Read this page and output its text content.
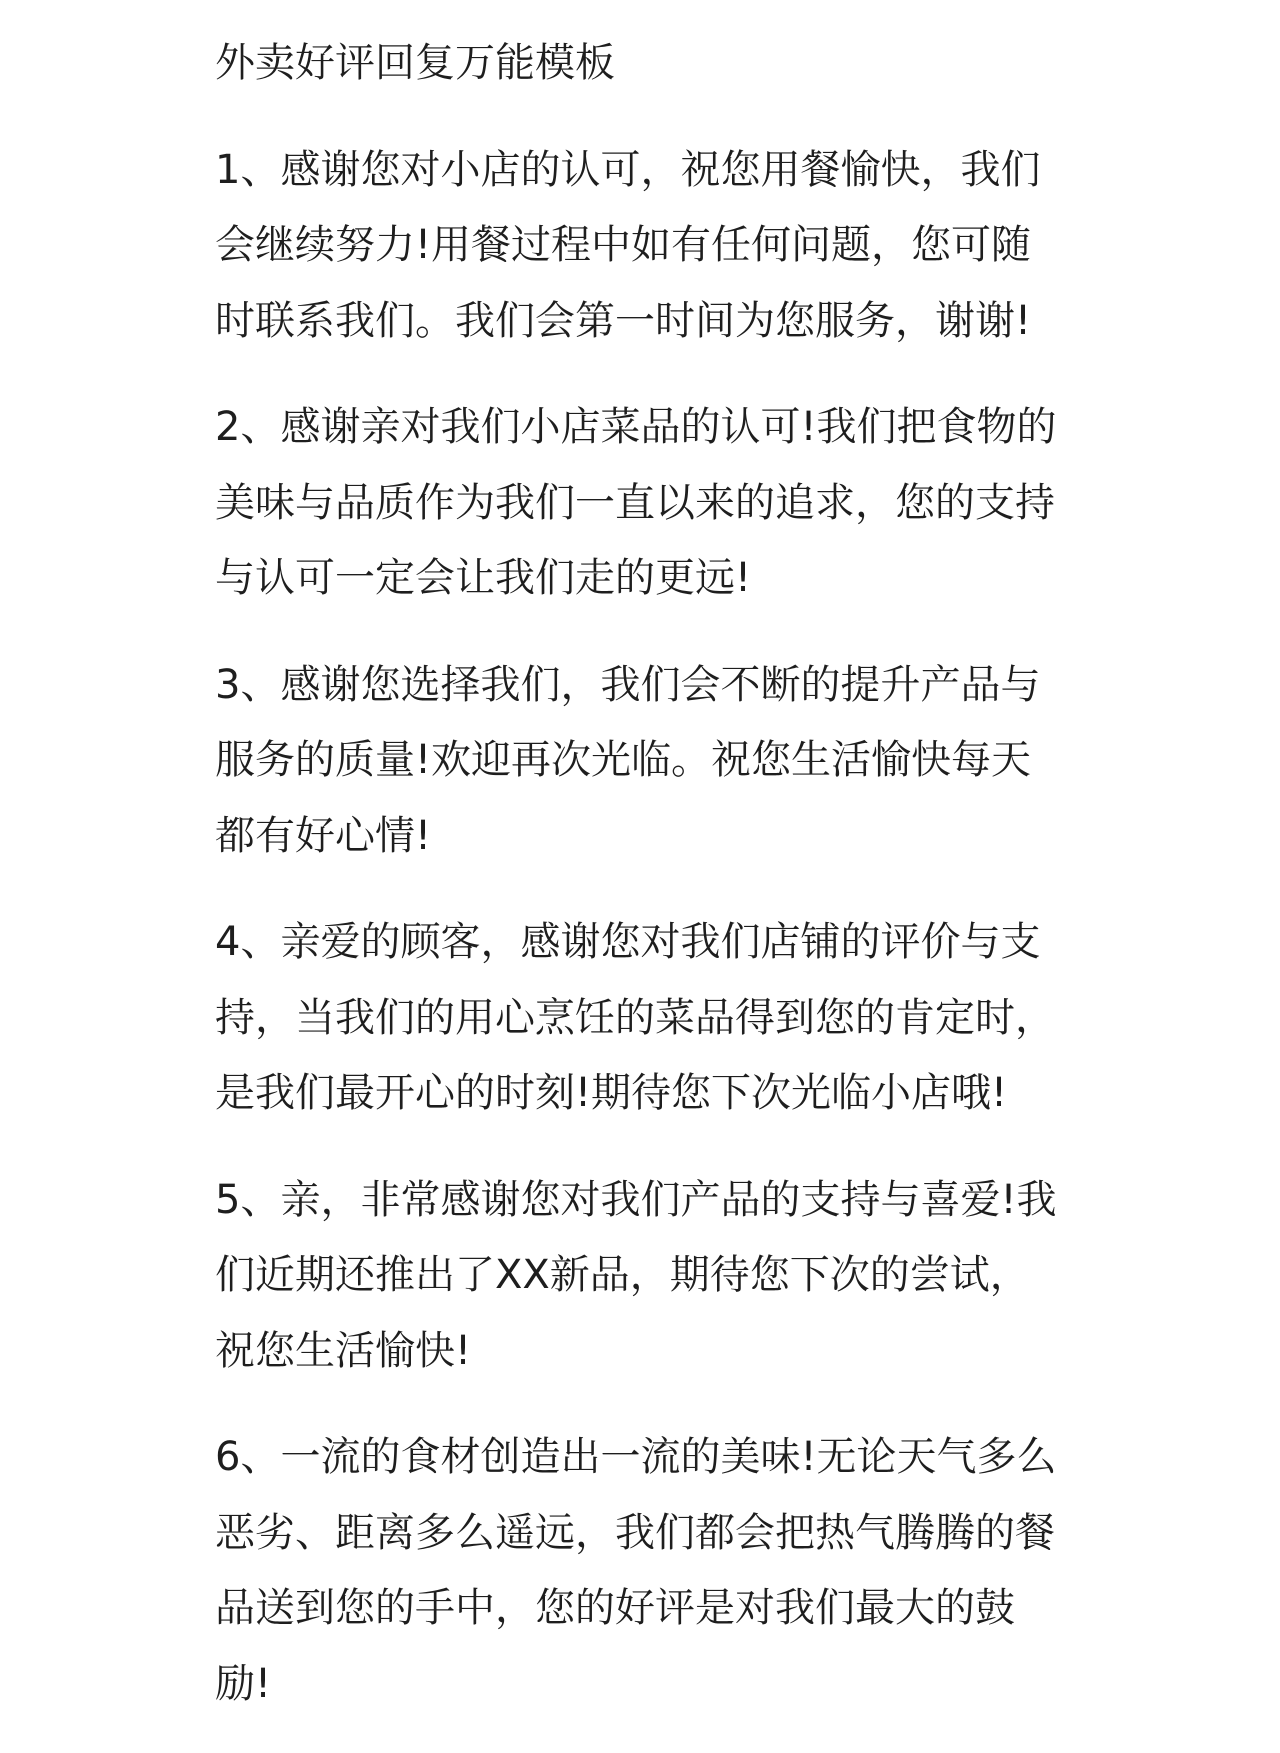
外卖好评回复万能模板
1、感谢您对小店的认可，祝您用餐愉快，我们
会继续努力!用餐过程中如有任何问题，您可随
时联系我们。我们会第一时间为您服务，谢谢!
2、感谢亲对我们小店菜品的认可!我们把食物的
美味与品质作为我们一直以来的追求，您的支持
与认可一定会让我们走的更远!
3、感谢您选择我们，我们会不断的提升产品与
服务的质量!欢迎再次光临。祝您生活愉快每天
都有好心情!
4、亲爱的顾客，感谢您对我们店铺的评价与支
持，当我们的用心烹饪的菜品得到您的肯定时，
是我们最开心的时刻!期待您下次光临小店哦!
5、亲，非常感谢您对我们产品的支持与喜爱!我
们近期还推出了XX新品，期待您下次的尝试，
祝您生活愉快!
6、一流的食材创造出一流的美味!无论天气多么
恶劣、距离多么遥远，我们都会把热气腾腾的餐
品送到您的手中，您的好评是对我们最大的鼓
励!
